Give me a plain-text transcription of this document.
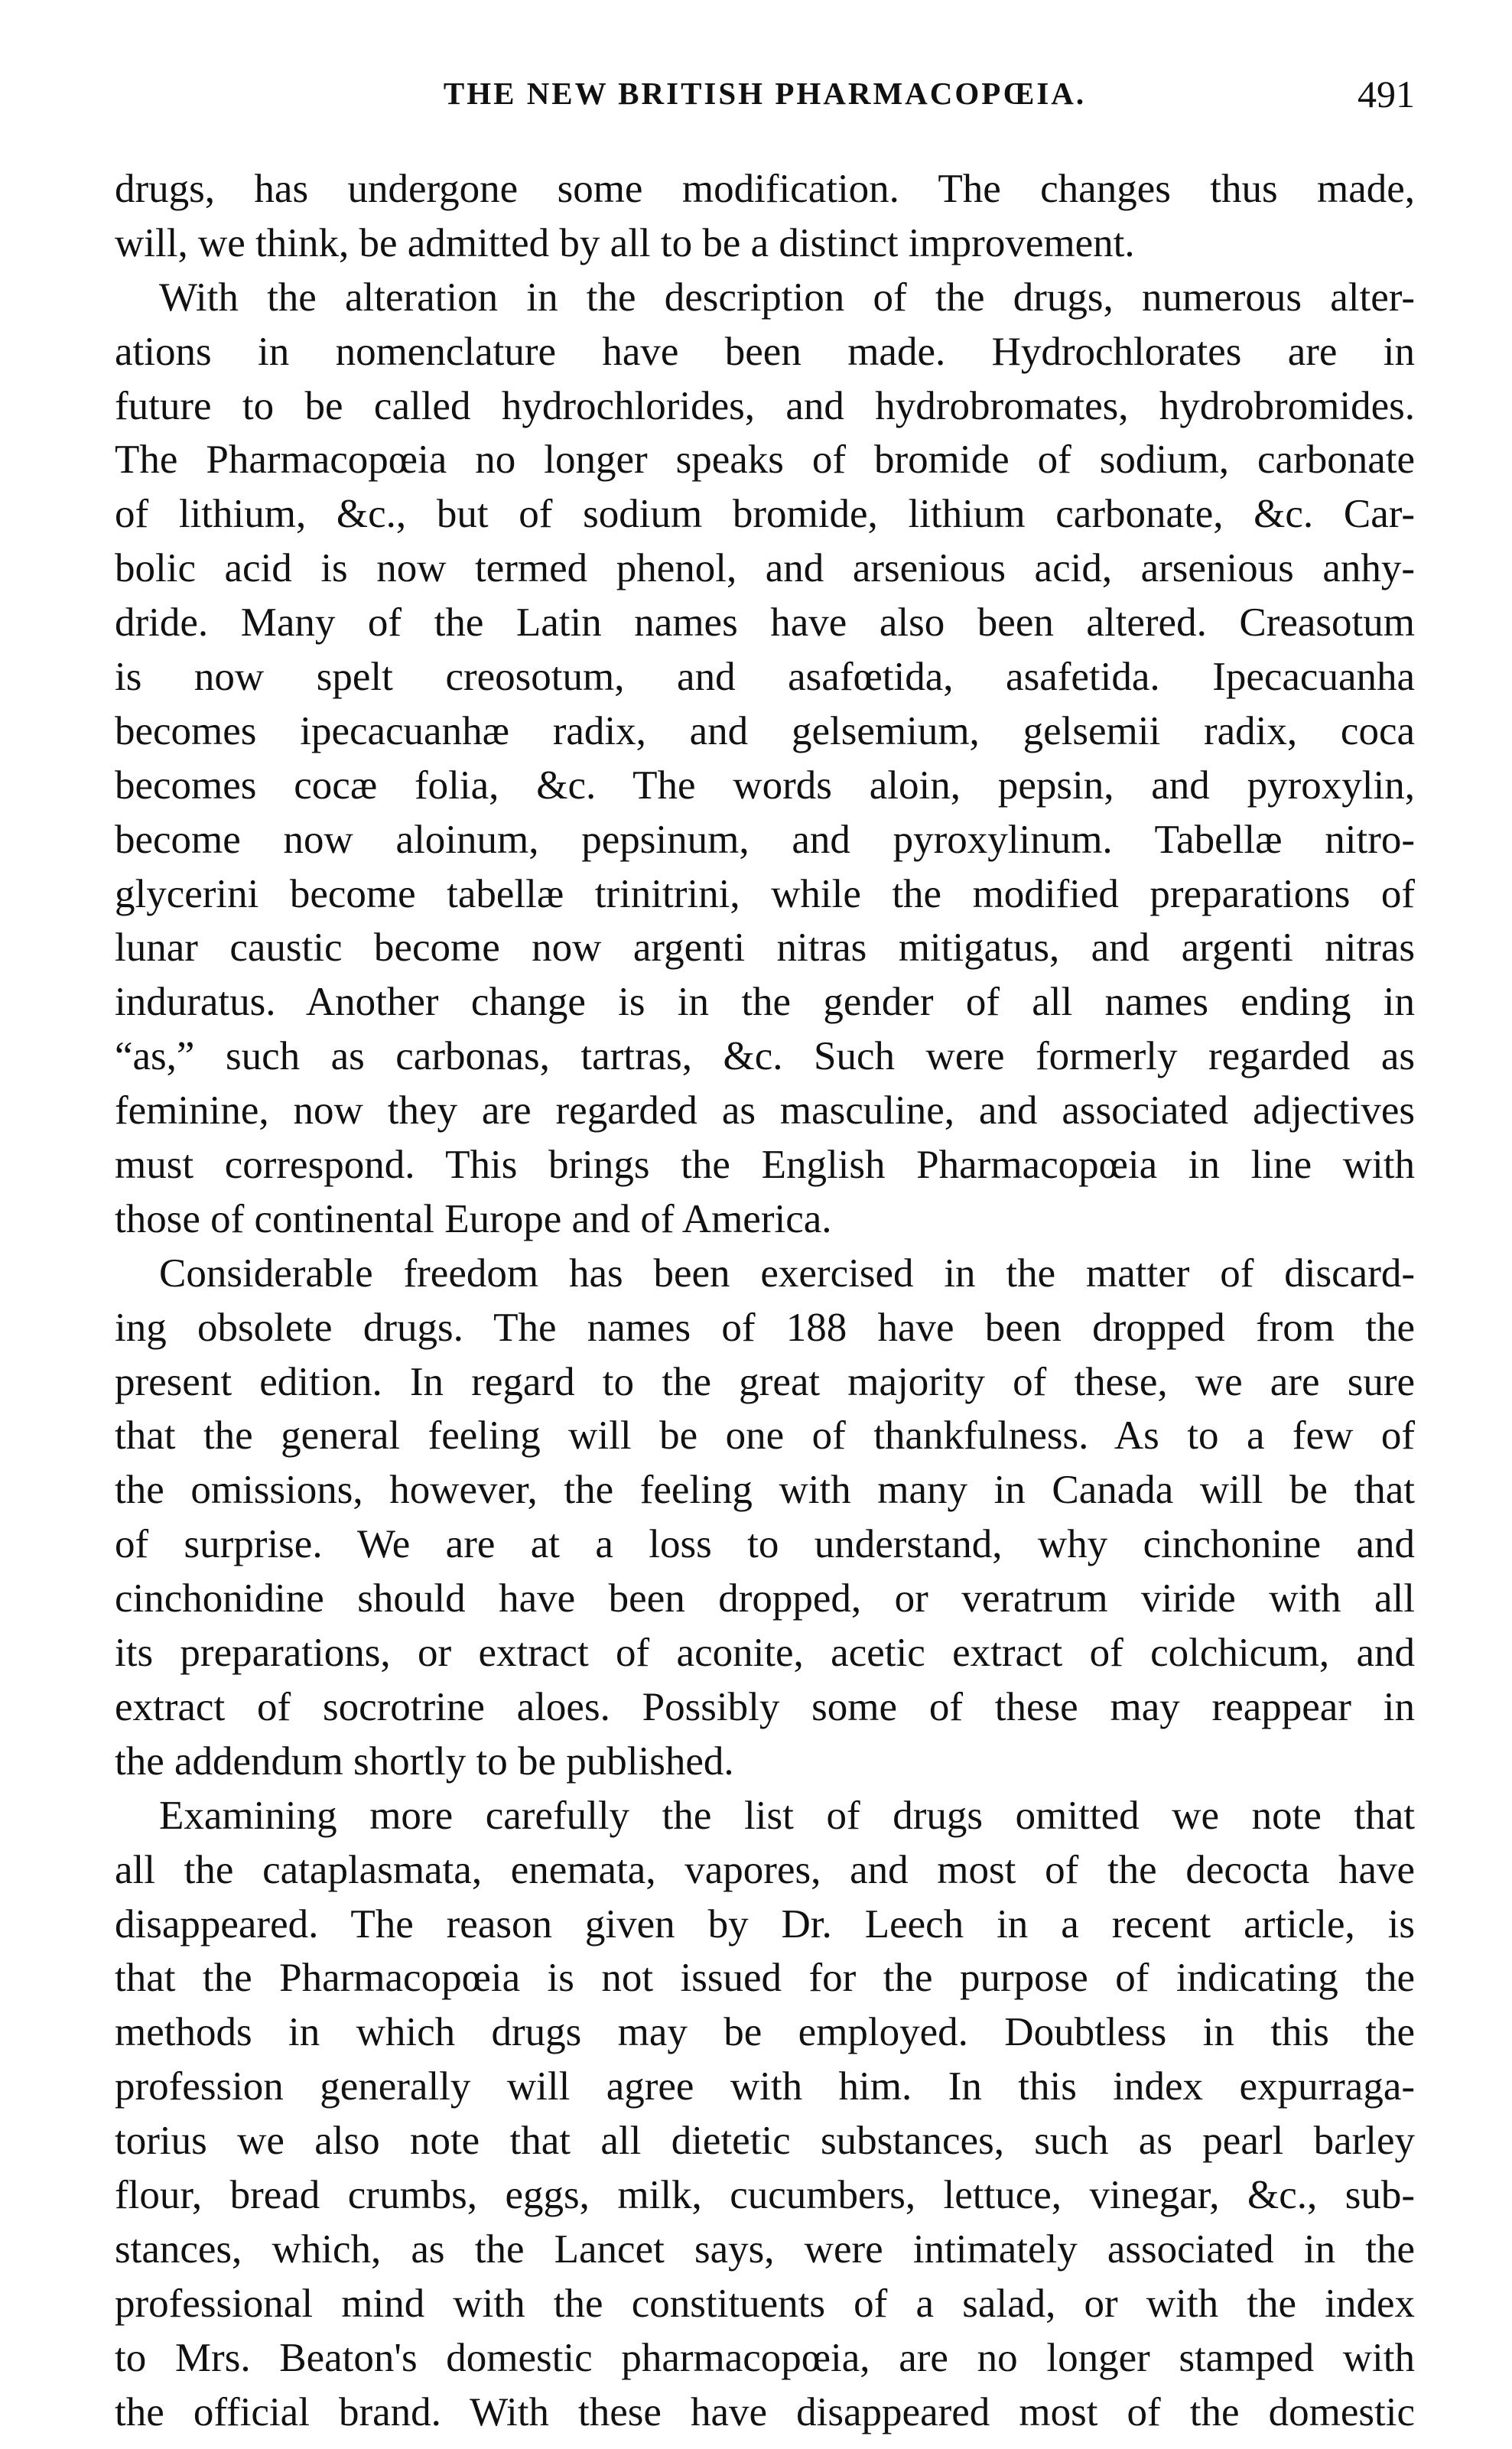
THE NEW BRITISH PHARMACOPŒIA.	491
drugs, has undergone some modification. The changes thus made,
will, we think, be admitted by all to be a distinct improvement.
With the alteration in the description of the drugs, numerous alter-
ations in nomenclature have been made. Hydrochlorates are in
future to be called hydrochlorides, and hydrobromates, hydrobromides.
The Pharmacopœia no longer speaks of bromide of sodium, carbonate
of lithium, &c., but of sodium bromide, lithium carbonate, &c. Car-
bolic acid is now termed phenol, and arsenious acid, arsenious anhy-
dride. Many of the Latin names have also been altered. Creasotum
is now spelt creosotum, and asafœtida, asafetida. Ipecacuanha
becomes ipecacuanhæ radix, and gelsemium, gelsemii radix, coca
becomes cocæ folia, &c. The words aloin, pepsin, and pyroxylin,
become now aloinum, pepsinum, and pyroxylinum. Tabellæ nitro-
glycerini become tabellæ trinitrini, while the modified preparations of
lunar caustic become now argenti nitras mitigatus, and argenti nitras
induratus. Another change is in the gender of all names ending in
“as,” such as carbonas, tartras, &c. Such were formerly regarded as
feminine, now they are regarded as masculine, and associated adjectives
must correspond. This brings the English Pharmacopœia in line with
those of continental Europe and of America.
Considerable freedom has been exercised in the matter of discard-
ing obsolete drugs. The names of 188 have been dropped from the
present edition. In regard to the great majority of these, we are sure
that the general feeling will be one of thankfulness. As to a few of
the omissions, however, the feeling with many in Canada will be that
of surprise. We are at a loss to understand, why cinchonine and
cinchonidine should have been dropped, or veratrum viride with all
its preparations, or extract of aconite, acetic extract of colchicum, and
extract of socrotrine aloes. Possibly some of these may reappear in
the addendum shortly to be published.
Examining more carefully the list of drugs omitted we note that
all the cataplasmata, enemata, vapores, and most of the decocta have
disappeared. The reason given by Dr. Leech in a recent article, is
that the Pharmacopœia is not issued for the purpose of indicating the
methods in which drugs may be employed. Doubtless in this the
profession generally will agree with him. In this index expurraga-
torius we also note that all dietetic substances, such as pearl barley
flour, bread crumbs, eggs, milk, cucumbers, lettuce, vinegar, &c., sub-
stances, which, as the Lancet says, were intimately associated in the
professional mind with the constituents of a salad, or with the index
to Mrs. Beaton's domestic pharmacopœia, are no longer stamped with
the official brand. With these have disappeared most of the domestic
